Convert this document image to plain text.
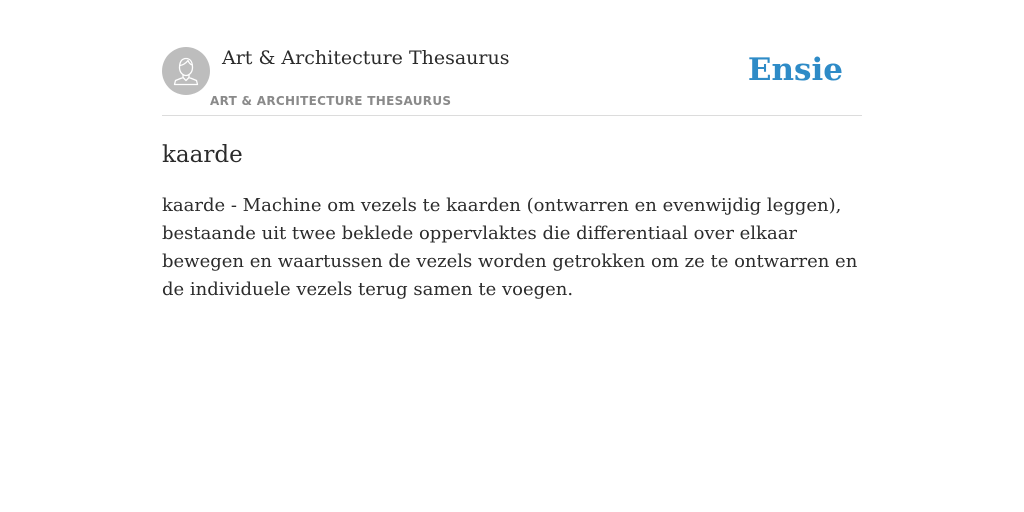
Art & Architecture Thesaurus
ART & ARCHITECTURE THESAURUS
Ensie
kaarde

kaarde - Machine om vezels te kaarden (ontwarren en evenwijdig leggen), bestaande uit twee beklede oppervlaktes die differentiaal over elkaar bewegen en waartussen de vezels worden getrokken om ze te ontwarren en de individuele vezels terug samen te voegen.
